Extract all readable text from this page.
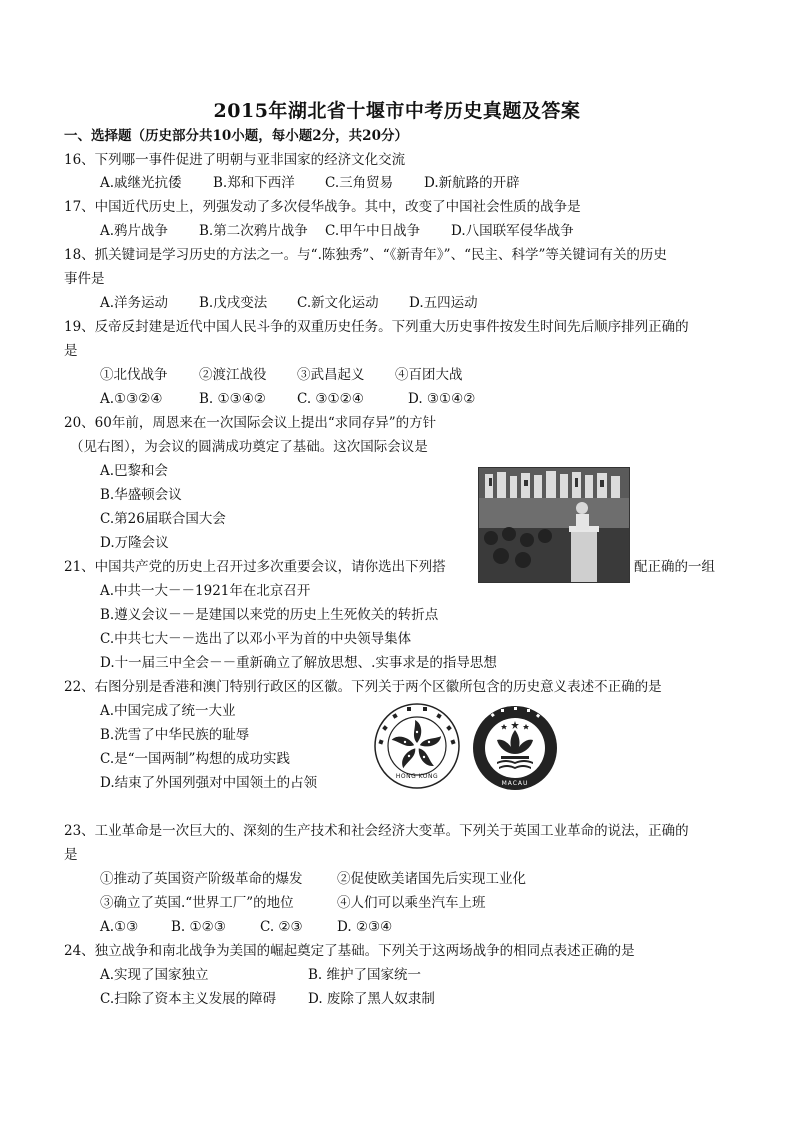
2015年湖北省十堰市中考历史真题及答案
一、选择题（历史部分共10小题，每小题2分，共20分）
16、下列哪一事件促进了明朝与亚非国家的经济文化交流
A.戚继光抗倭 B.郑和下西洋 C.三角贸易 D.新航路的开辟
17、中国近代历史上，列强发动了多次侵华战争。其中，改变了中国社会性质的战争是
A.鸦片战争 B.第二次鸦片战争 C.甲午中日战争 D.八国联军侵华战争
18、抓关键词是学习历史的方法之一。与“.陈独秀”、“《新青年》”、“民主、科学”等关键词有关的历史
事件是
A.洋务运动 B.戊戌变法 C.新文化运动 D.五四运动
19、反帝反封建是近代中国人民斗争的双重历史任务。下列重大历史事件按发生时间先后顺序排列正确的
是
①北伐战争 ②渡江战役 ③武昌起义 ④百团大战
A.①③②④	B. ①③④② C. ③①②④	D. ③①④②
20、60年前，周恩来在一次国际会议上提出“求同存异”的方针
（见右图），为会议的圆满成功奠定了基础。这次国际会议是
A.巴黎和会
B.华盛顿会议
C.第26届联合国大会
D.万隆会议
21、中国共产党的历史上召开过多次重要会议，请你选出下列搭	配正确的一组
A.中共一大－－1921年在北京召开
B.遵义会议－－是建国以来党的历史上生死攸关的转折点
C.中共七大－－选出了以邓小平为首的中央领导集体
D.十一届三中全会－－重新确立了解放思想、.实事求是的指导思想
22、右图分别是香港和澳门特别行政区的区徽。下列关于两个区徽所包含的历史意义表述不正确的是
A.中国完成了统一大业
B.洗雪了中华民族的耻辱
C.是“一国两制”构想的成功实践
D.结束了外国列强对中国领土的占领	HONG KONG
MACAU
23、工业革命是一次巨大的、深刻的生产技术和社会经济大变革。下列关于英国工业革命的说法，正确的
是
①推动了英国资产阶级革命的爆发	②促使欧美诸国先后实现工业化
③确立了英国.“世界工厂”的地位	④人们可以乘坐汽车上班
A.①③ B. ①②③	C. ②③	D. ②③④
24、独立战争和南北战争为美国的崛起奠定了基础。下列关于这两场战争的相同点表述正确的是
A.实现了国家独立	B. 维护了国家统一
C.扫除了资本主义发展的障碍 D. 废除了黑人奴隶制
